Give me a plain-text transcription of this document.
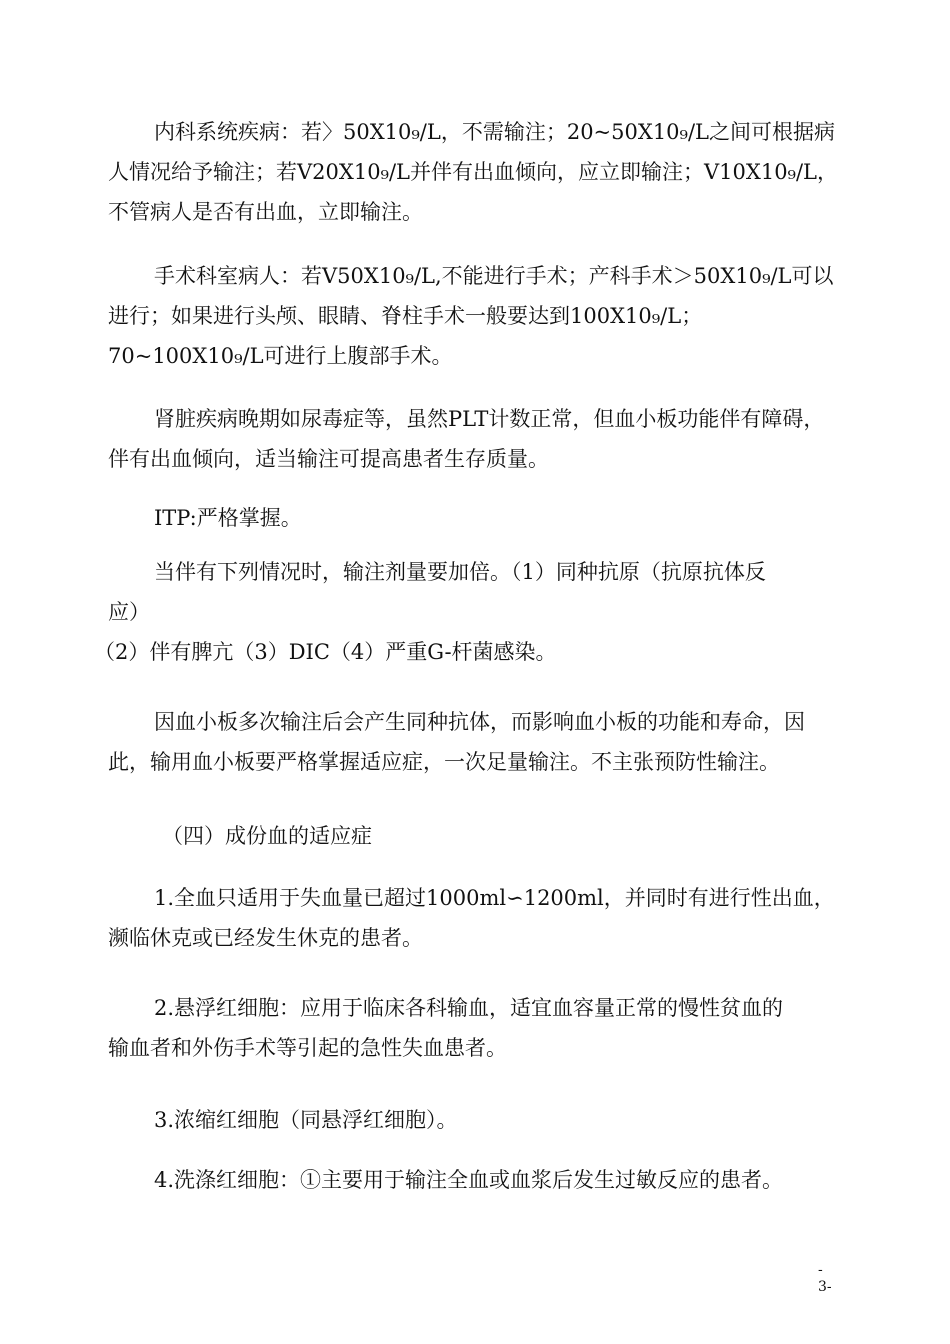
内科系统疾病：若〉50X10₉/L，不需输注；20~50X10₉/L之间可根据病
人情况给予输注；若V20X10₉/L并伴有出血倾向，应立即输注；V10X10₉/L，
不管病人是否有出血，立即输注。
手术科室病人：若V50X10₉/L,不能进行手术；产科手术＞50X10₉/L可以
进行；如果进行头颅、眼睛、脊柱手术一般要达到100X10₉/L；
70~100X10₉/L可进行上腹部手术。
肾脏疾病晚期如尿毒症等，虽然PLT计数正常，但血小板功能伴有障碍，
伴有出血倾向，适当输注可提高患者生存质量。
ITP:严格掌握。
当伴有下列情况时，输注剂量要加倍。（1）同种抗原（抗原抗体反
应）
（2）伴有脾亢（3）DIC（4）严重G-杆菌感染。
因血小板多次输注后会产生同种抗体，而影响血小板的功能和寿命，因
此，输用血小板要严格掌握适应症，一次足量输注。不主张预防性输注。
（四）成份血的适应症
1.全血只适用于失血量已超过1000ml∽1200ml，并同时有进行性出血，
濒临休克或已经发生休克的患者。
2.悬浮红细胞：应用于临床各科输血，适宜血容量正常的慢性贫血的
输血者和外伤手术等引起的急性失血患者。
3.浓缩红细胞（同悬浮红细胞）。
4.洗涤红细胞：①主要用于输注全血或血浆后发生过敏反应的患者。
-
3-
